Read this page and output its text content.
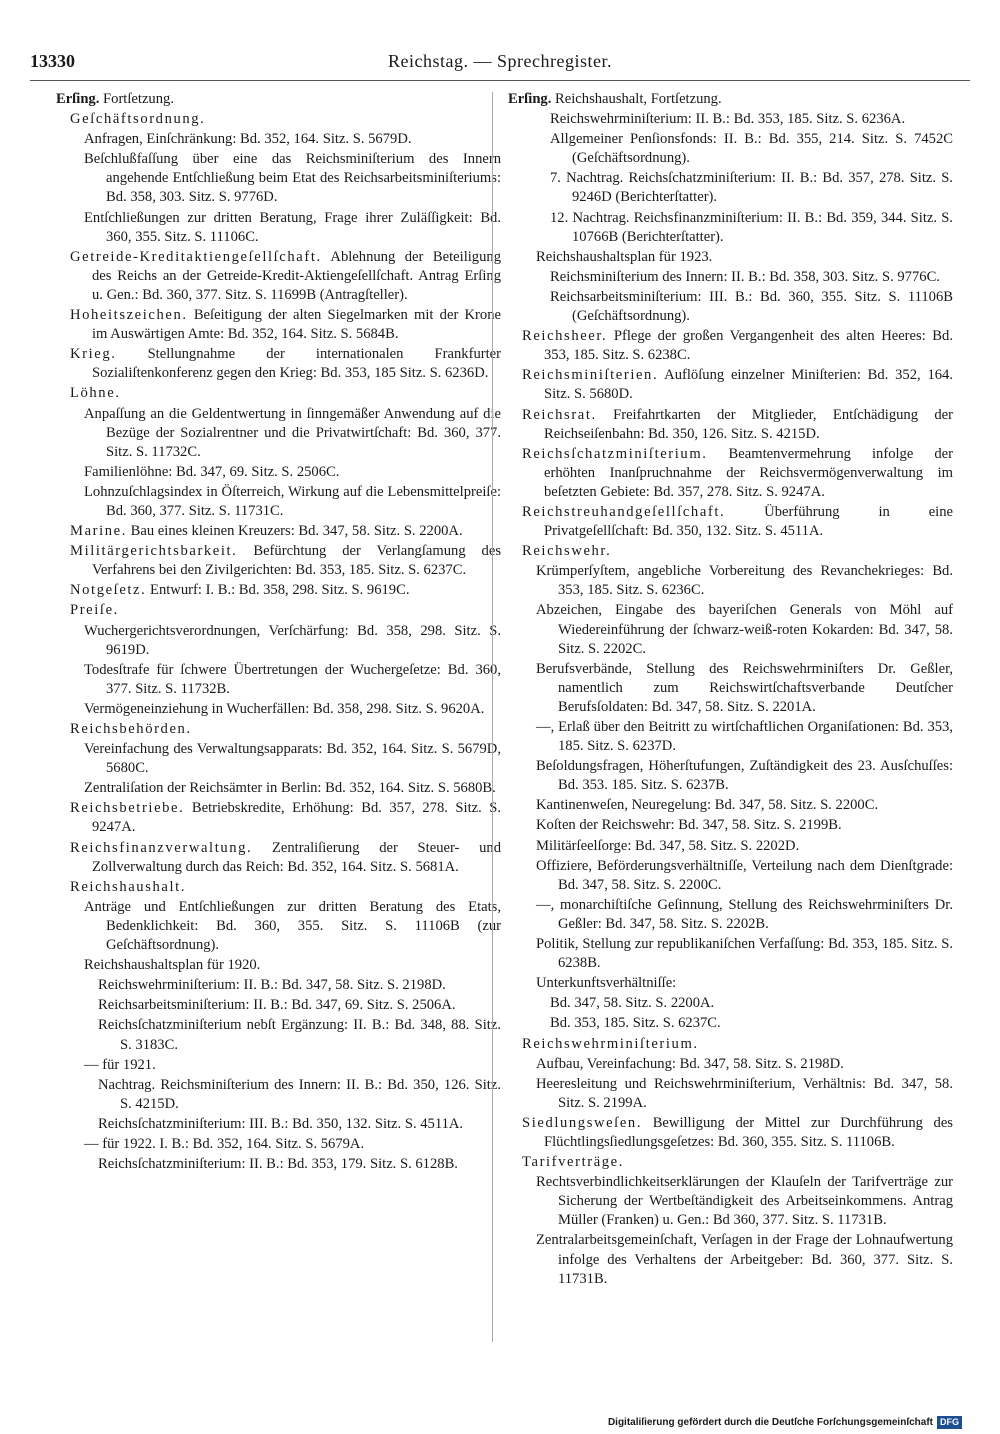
13330	Reichstag. — Sprechregister.
Erſing. Fortſetzung.
Geſchäftsordnung.
Anfragen, Einſchränkung: Bd. 352, 164. Sitz. S. 5679D.
Beſchlußfaſſung über eine das Reichsminiſterium des Innern angehende Entſchließung beim Etat des Reichsarbeitsminiſteriums: Bd. 358, 303. Sitz. S. 9776D.
Entſchließungen zur dritten Beratung, Frage ihrer Zuläſſigkeit: Bd. 360, 355. Sitz. S. 11106C.
Getreide-Kreditaktiengeſellſchaft. Ablehnung der Beteiligung des Reichs an der Getreide-Kredit-Aktiengeſellſchaft. Antrag Erſing u. Gen.: Bd. 360, 377. Sitz. S. 11699B (Antragſteller).
Hoheitszeichen. Beſeitigung der alten Siegelmarken mit der Krone im Auswärtigen Amte: Bd. 352, 164. Sitz. S. 5684B.
Krieg. Stellungnahme der internationalen Frankfurter Sozialiſtenkonferenz gegen den Krieg: Bd. 353, 185 Sitz. S. 6236D.
Löhne.
Anpaſſung an die Geldentwertung in ſinngemäßer Anwendung auf die Bezüge der Sozialrentner und die Privatwirtſchaft: Bd. 360, 377. Sitz. S. 11732C.
Familienlöhne: Bd. 347, 69. Sitz. S. 2506C.
Lohnzuſchlagsindex in Öſterreich, Wirkung auf die Lebensmittelpreiſe: Bd. 360, 377. Sitz. S. 11731C.
Marine. Bau eines kleinen Kreuzers: Bd. 347, 58. Sitz. S. 2200A.
Militärgerichtsbarkeit. Befürchtung der Verlangſamung des Verfahrens bei den Zivilgerichten: Bd. 353, 185. Sitz. S. 6237C.
Notgeſetz. Entwurf: I. B.: Bd. 358, 298. Sitz. S. 9619C.
Preiſe.
Wuchergerichtsverordnungen, Verſchärfung: Bd. 358, 298. Sitz. S. 9619D.
Todesſtrafe für ſchwere Übertretungen der Wuchergeſetze: Bd. 360, 377. Sitz. S. 11732B.
Vermögeneinziehung in Wucherfällen: Bd. 358, 298. Sitz. S. 9620A.
Reichsbehörden.
Vereinfachung des Verwaltungsapparats: Bd. 352, 164. Sitz. S. 5679D, 5680C.
Zentraliſation der Reichsämter in Berlin: Bd. 352, 164. Sitz. S. 5680B.
Reichsbetriebe. Betriebskredite, Erhöhung: Bd. 357, 278. Sitz. S. 9247A.
Reichsfinanzverwaltung. Zentraliſierung der Steuer- und Zollverwaltung durch das Reich: Bd. 352, 164. Sitz. S. 5681A.
Reichshaushalt.
Anträge und Entſchließungen zur dritten Beratung des Etats, Bedenklichkeit: Bd. 360, 355. Sitz. S. 11106B (zur Geſchäftsordnung).
Reichshaushaltsplan für 1920.
Reichswehrminiſterium: II. B.: Bd. 347, 58. Sitz. S. 2198D.
Reichsarbeitsminiſterium: II. B.: Bd. 347, 69. Sitz. S. 2506A.
Reichsſchatzminiſterium nebſt Ergänzung: II. B.: Bd. 348, 88. Sitz. S. 3183C.
— für 1921.
Nachtrag. Reichsminiſterium des Innern: II. B.: Bd. 350, 126. Sitz. S. 4215D.
Reichsſchatzminiſterium: III. B.: Bd. 350, 132. Sitz. S. 4511A.
— für 1922. I. B.: Bd. 352, 164. Sitz. S. 5679A.
Reichsſchatzminiſterium: II. B.: Bd. 353, 179. Sitz. S. 6128B.
Erſing. Reichshaushalt, Fortſetzung.
Reichswehrminiſterium: II. B.: Bd. 353, 185. Sitz. S. 6236A.
Allgemeiner Penſionsfonds: II. B.: Bd. 355, 214. Sitz. S. 7452C (Geſchäftsordnung).
7. Nachtrag. Reichsſchatzminiſterium: II. B.: Bd. 357, 278. Sitz. S. 9246D (Berichterſtatter).
12. Nachtrag. Reichsfinanzminiſterium: II. B.: Bd. 359, 344. Sitz. S. 10766B (Berichterſtatter).
Reichshaushaltsplan für 1923.
Reichsminiſterium des Innern: II. B.: Bd. 358, 303. Sitz. S. 9776C.
Reichsarbeitsminiſterium: III. B.: Bd. 360, 355. Sitz. S. 11106B (Geſchäftsordnung).
Reichsheer. Pflege der großen Vergangenheit des alten Heeres: Bd. 353, 185. Sitz. S. 6238C.
Reichsminiſterien. Auflöſung einzelner Miniſterien: Bd. 352, 164. Sitz. S. 5680D.
Reichsrat. Freifahrtkarten der Mitglieder, Entſchädigung der Reichseiſenbahn: Bd. 350, 126. Sitz. S. 4215D.
Reichsſchatzminiſterium. Beamtenvermehrung infolge der erhöhten Inanſpruchnahme der Reichsvermögenverwaltung im beſetzten Gebiete: Bd. 357, 278. Sitz. S. 9247A.
Reichstreuhandgeſellſchaft. Überführung in eine Privatgeſellſchaft: Bd. 350, 132. Sitz. S. 4511A.
Reichswehr.
Krümperſyſtem, angebliche Vorbereitung des Revanchekrieges: Bd. 353, 185. Sitz. S. 6236C.
Abzeichen, Eingabe des bayeriſchen Generals von Möhl auf Wiedereinführung der ſchwarz-weiß-roten Kokarden: Bd. 347, 58. Sitz. S. 2202C.
Berufsverbände, Stellung des Reichswehrminiſters Dr. Geßler, namentlich zum Reichswirtſchaftsverbande Deutſcher Berufsſoldaten: Bd. 347, 58. Sitz. S. 2201A.
—, Erlaß über den Beitritt zu wirtſchaftlichen Organiſationen: Bd. 353, 185. Sitz. S. 6237D.
Beſoldungsfragen, Höherſtufungen, Zuſtändigkeit des 23. Ausſchuſſes: Bd. 353. 185. Sitz. S. 6237B.
Kantinenweſen, Neuregelung: Bd. 347, 58. Sitz. S. 2200C.
Koſten der Reichswehr: Bd. 347, 58. Sitz. S. 2199B.
Militärſeelſorge: Bd. 347, 58. Sitz. S. 2202D.
Offiziere, Beförderungsverhältniſſe, Verteilung nach dem Dienſtgrade: Bd. 347, 58. Sitz. S. 2200C.
—, monarchiſtiſche Geſinnung, Stellung des Reichswehrminiſters Dr. Geßler: Bd. 347, 58. Sitz. S. 2202B.
Politik, Stellung zur republikaniſchen Verfaſſung: Bd. 353, 185. Sitz. S. 6238B.
Unterkunftsverhältniſſe:
Bd. 347, 58. Sitz. S. 2200A.
Bd. 353, 185. Sitz. S. 6237C.
Reichswehrminiſterium.
Aufbau, Vereinfachung: Bd. 347, 58. Sitz. S. 2198D.
Heeresleitung und Reichswehrminiſterium, Verhältnis: Bd. 347, 58. Sitz. S. 2199A.
Siedlungsweſen. Bewilligung der Mittel zur Durchführung des Flüchtlingsſiedlungsgeſetzes: Bd. 360, 355. Sitz. S. 11106B.
Tarifverträge.
Rechtsverbindlichkeitserklärungen der Klauſeln der Tarifverträge zur Sicherung der Wertbeſtändigkeit des Arbeitseinkommens. Antrag Müller (Franken) u. Gen.: Bd 360, 377. Sitz. S. 11731B.
Zentralarbeitsgemeinſchaft, Verſagen in der Frage der Lohnaufwertung infolge des Verhaltens der Arbeitgeber: Bd. 360, 377. Sitz. S. 11731B.
Digitaliſierung gefördert durch die Deutſche Forſchungsgemeinſchaft DFG
